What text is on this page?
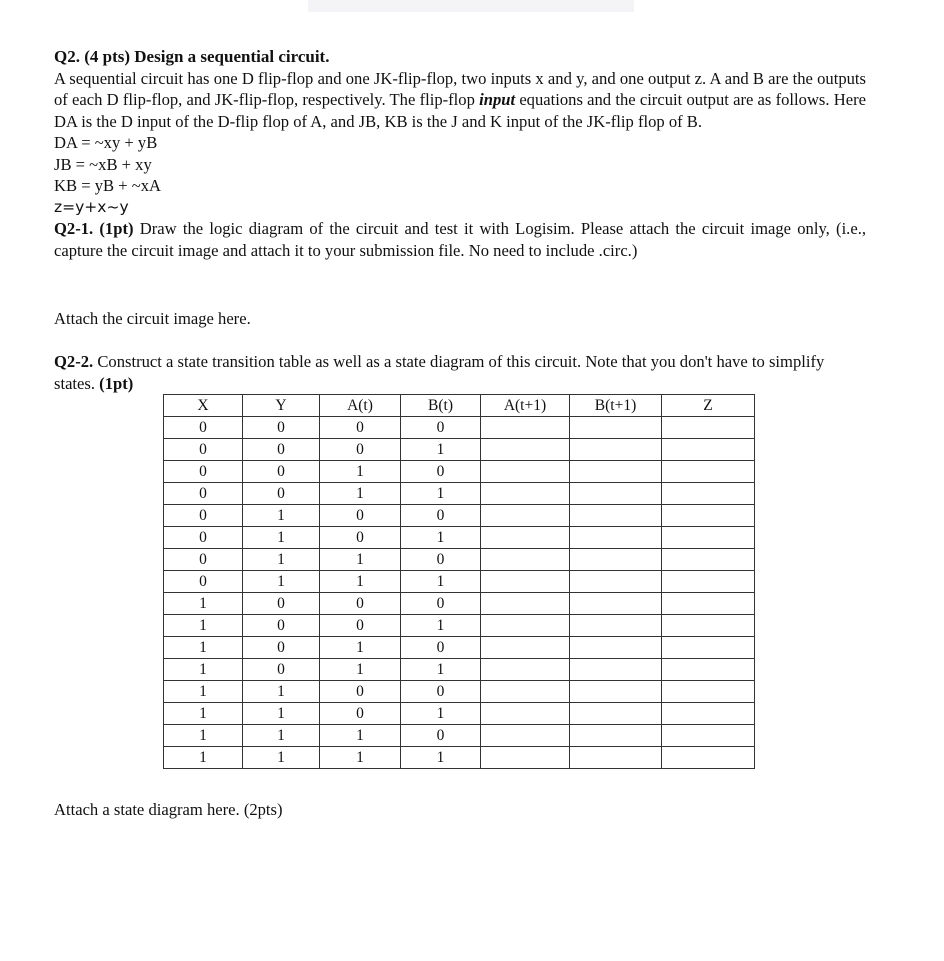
Q2. (4 pts) Design a sequential circuit.

A sequential circuit has one D flip-flop and one JK-flip-flop, two inputs x and y, and one output z. A and B are the outputs of each D flip-flop, and JK-flip-flop, respectively. The flip-flop input equations and the circuit output are as follows. Here DA is the D input of the D-flip flop of A, and JB, KB is the J and K input of the JK-flip flop of B.

DA = ~xy + yB

JB = ~xB + xy

KB = yB + ~xA

z=y+x~y

Q2-1. (1pt) Draw the logic diagram of the circuit and test it with Logisim. Please attach the circuit image only, (i.e., capture the circuit image and attach it to your submission file. No need to include .circ.)

Attach the circuit image here.
Q2-2. Construct a state transition table as well as a state diagram of this circuit. Note that you don't have to simplify states. (1pt)
X	Y	A(t)	B(t)	A(t+1)	B(t+1)	Z
0	0	0	0			
0	0	0	1			
0	0	1	0			
0	0	1	1			
0	1	0	0			
0	1	0	1			
0	1	1	0			
0	1	1	1			
1	0	0	0			
1	0	0	1			
1	0	1	0			
1	0	1	1			
1	1	0	0			
1	1	0	1			
1	1	1	0			
1	1	1	1			
Attach a state diagram here. (2pts)
